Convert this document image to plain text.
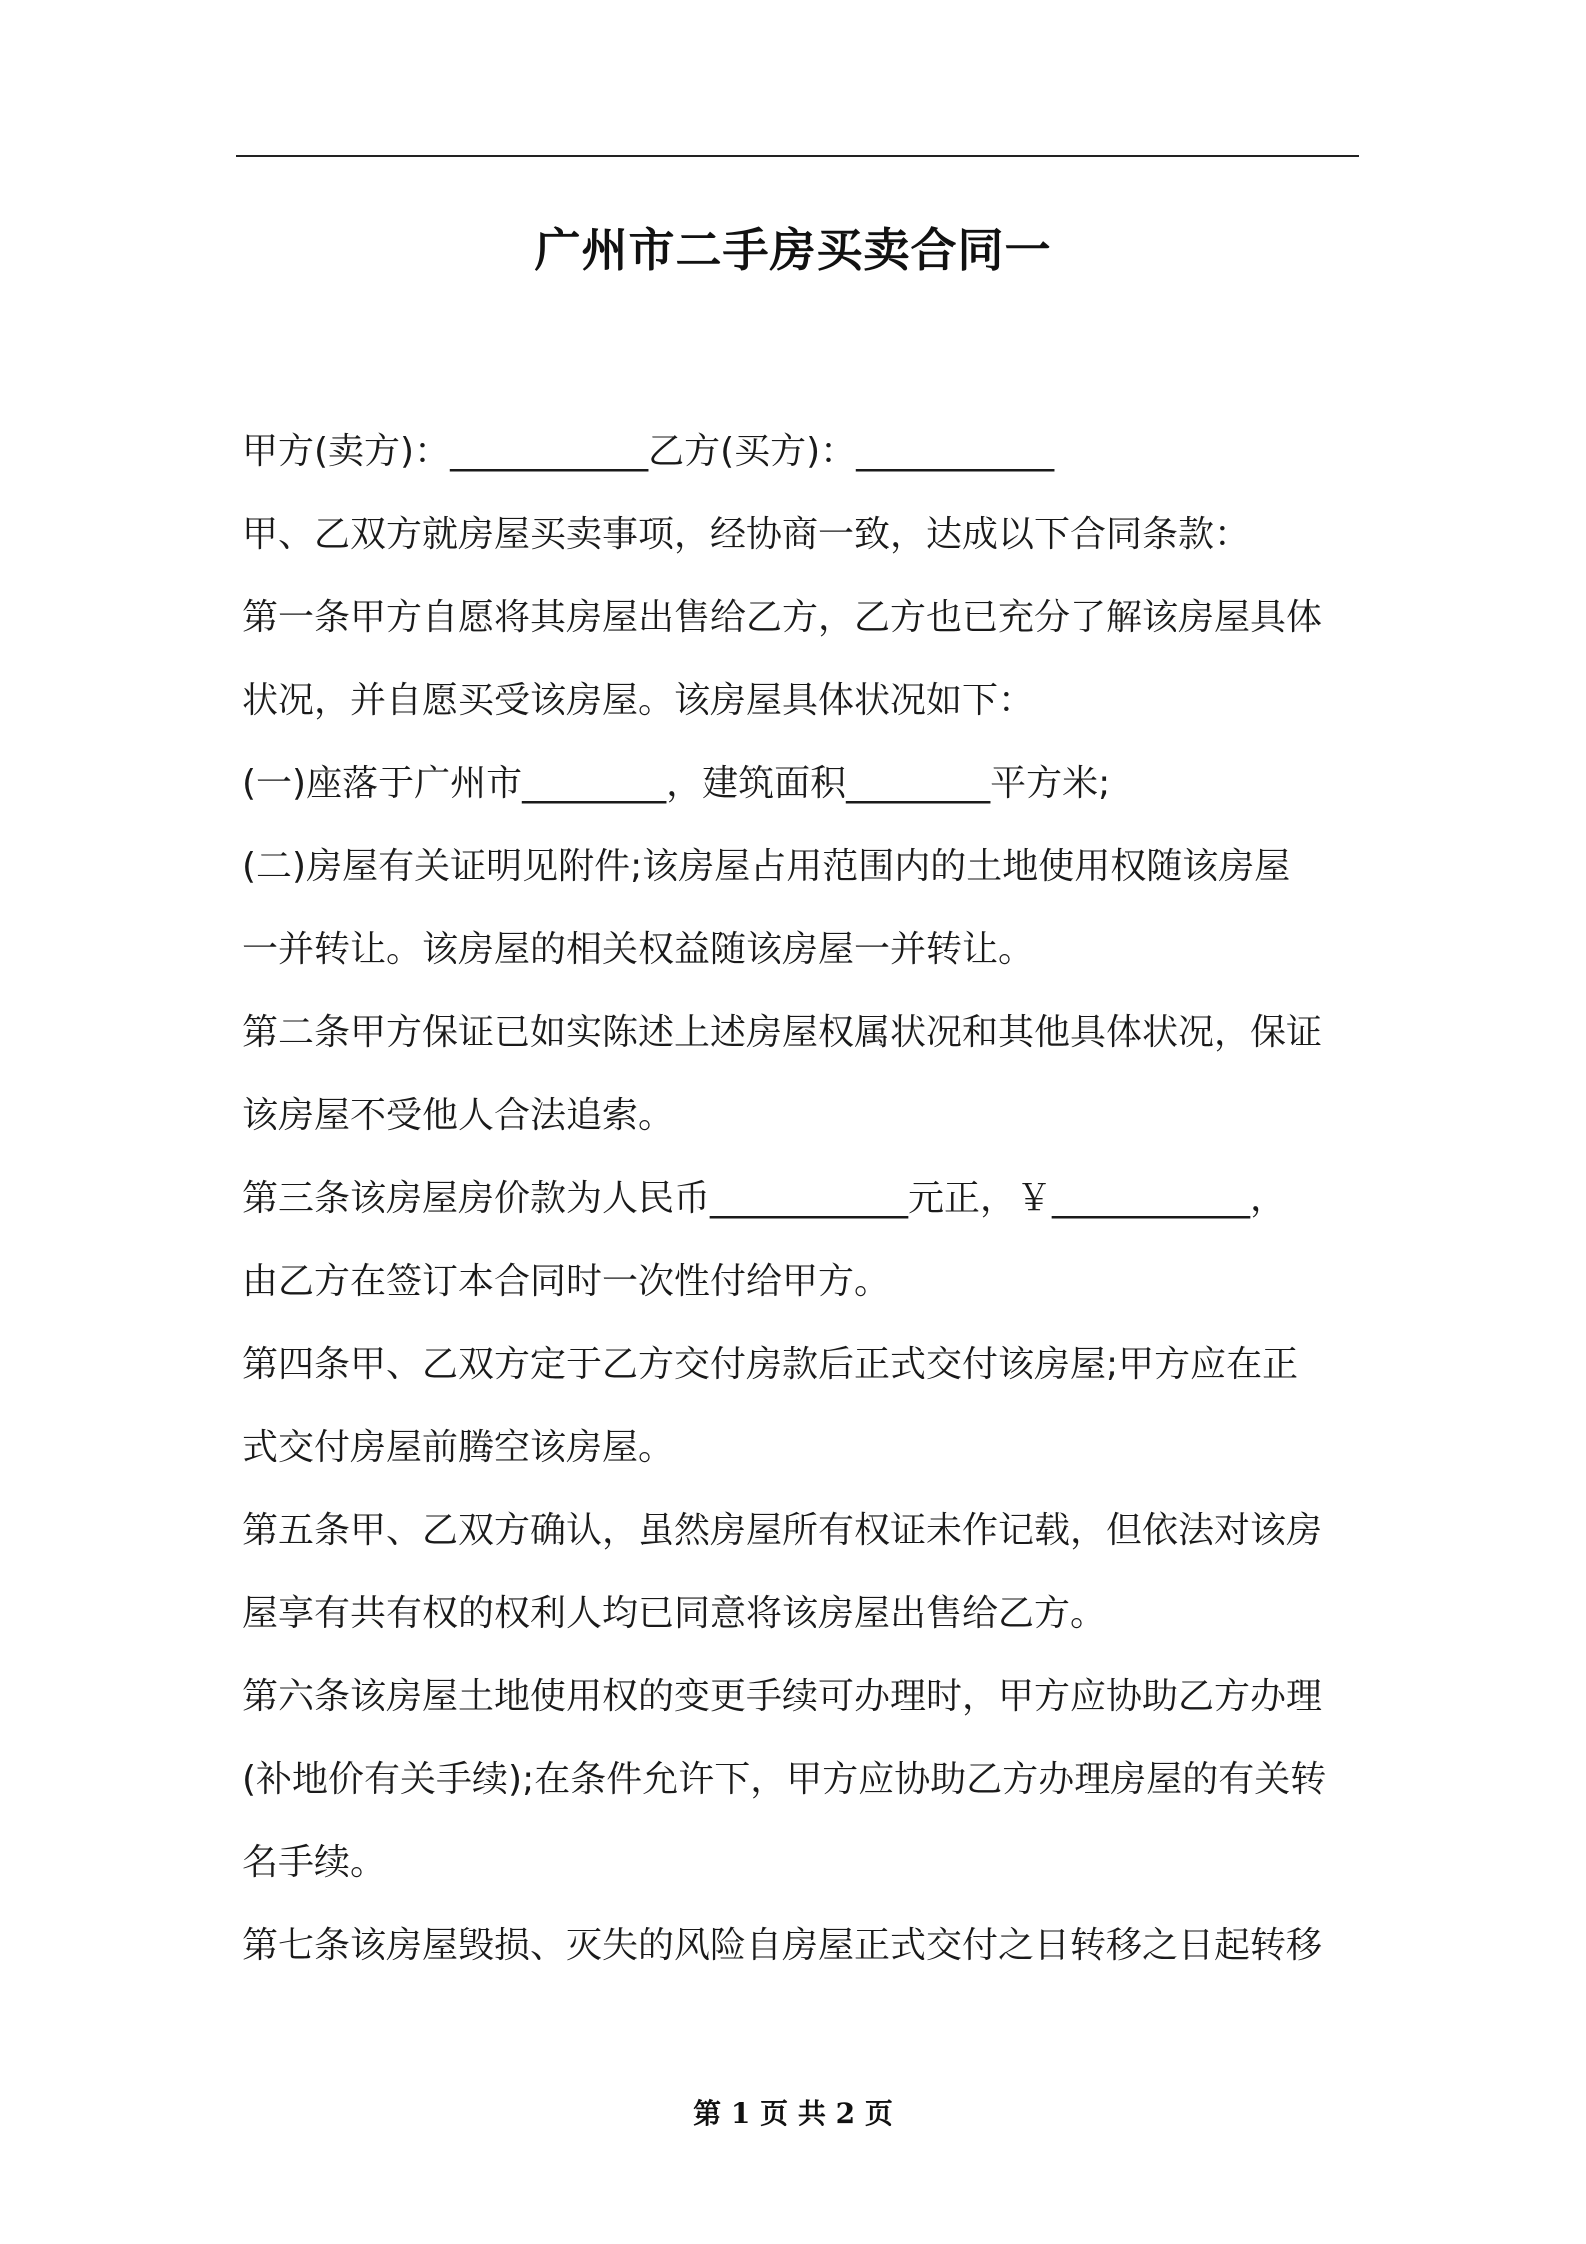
广州市二手房买卖合同一
甲方(卖方)：___________乙方(买方)：___________
甲、乙双方就房屋买卖事项，经协商一致，达成以下合同条款：
第一条甲方自愿将其房屋出售给乙方，乙方也已充分了解该房屋具体
状况，并自愿买受该房屋。该房屋具体状况如下：
(一)座落于广州市________，建筑面积________平方米;
(二)房屋有关证明见附件;该房屋占用范围内的土地使用权随该房屋
一并转让。该房屋的相关权益随该房屋一并转让。
第二条甲方保证已如实陈述上述房屋权属状况和其他具体状况，保证
该房屋不受他人合法追索。
第三条该房屋房价款为人民币___________元正，￥___________，
由乙方在签订本合同时一次性付给甲方。
第四条甲、乙双方定于乙方交付房款后正式交付该房屋;甲方应在正
式交付房屋前腾空该房屋。
第五条甲、乙双方确认，虽然房屋所有权证未作记载，但依法对该房
屋享有共有权的权利人均已同意将该房屋出售给乙方。
第六条该房屋土地使用权的变更手续可办理时，甲方应协助乙方办理
(补地价有关手续);在条件允许下，甲方应协助乙方办理房屋的有关转
名手续。
第七条该房屋毁损、灭失的风险自房屋正式交付之日转移之日起转移
第 1 页 共 2 页
